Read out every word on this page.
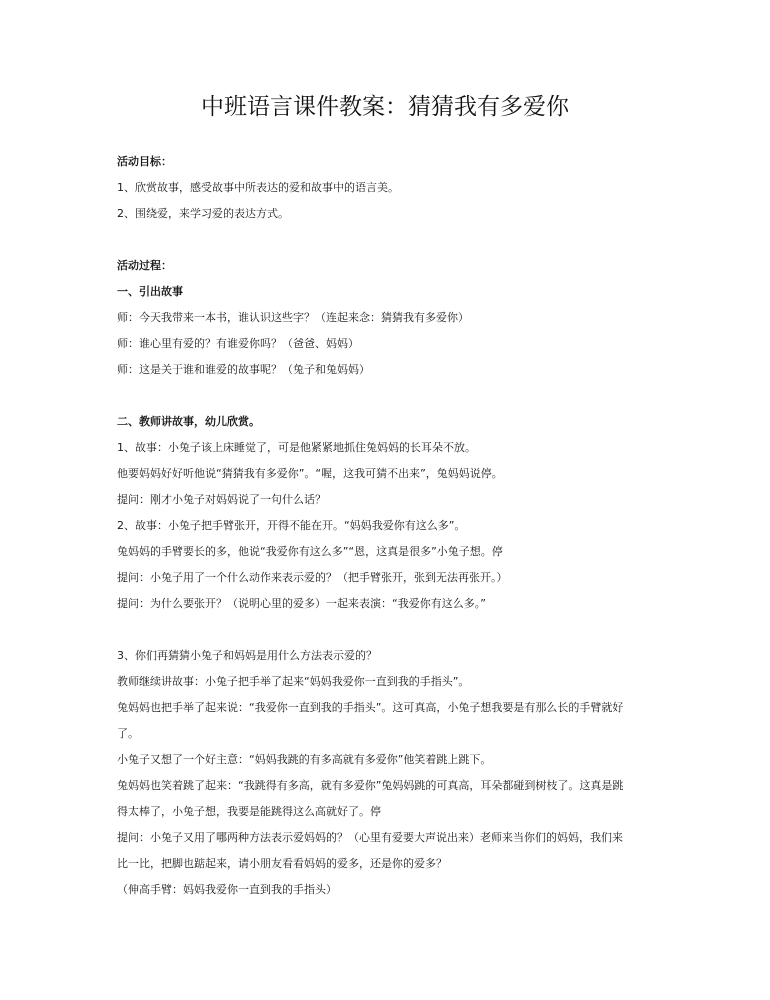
中班语言课件教案：猜猜我有多爱你

活动目标：

1、欣赏故事，感受故事中所表达的爱和故事中的语言美。

2、围绕爱，来学习爱的表达方式。

活动过程：

一、引出故事

师：今天我带来一本书，谁认识这些字？（连起来念：猜猜我有多爱你）

师：谁心里有爱的？有谁爱你吗？（爸爸、妈妈）

师：这是关于谁和谁爱的故事呢？（兔子和兔妈妈）

二、教师讲故事，幼儿欣赏。

1、故事：小兔子该上床睡觉了，可是他紧紧地抓住兔妈妈的长耳朵不放。

他要妈妈好好听他说“猜猜我有多爱你”。“喔，这我可猜不出来”，兔妈妈说停。

提问：刚才小兔子对妈妈说了一句什么话？

2、故事：小兔子把手臂张开，开得不能在开。“妈妈我爱你有这么多”。

兔妈妈的手臂要长的多，他说“我爱你有这么多”“恩，这真是很多”小兔子想。停

提问：小兔子用了一个什么动作来表示爱的？（把手臂张开，张到无法再张开。）

提问：为什么要张开？（说明心里的爱多）一起来表演：“我爱你有这么多。”

3、你们再猜猜小兔子和妈妈是用什么方法表示爱的？

教师继续讲故事：小兔子把手举了起来“妈妈我爱你一直到我的手指头”。

兔妈妈也把手举了起来说：“我爱你一直到我的手指头”。这可真高，小兔子想我要是有那么长的手臂就好

了。

小兔子又想了一个好主意：“妈妈我跳的有多高就有多爱你”他笑着跳上跳下。

兔妈妈也笑着跳了起来：“我跳得有多高，就有多爱你”兔妈妈跳的可真高，耳朵都碰到树枝了。这真是跳

得太棒了，小兔子想，我要是能跳得这么高就好了。停

提问：小兔子又用了哪两种方法表示爱妈妈的？（心里有爱要大声说出来）老师来当你们的妈妈，我们来

比一比，把脚也踮起来，请小朋友看看妈妈的爱多，还是你的爱多？

（伸高手臂：妈妈我爱你一直到我的手指头）
